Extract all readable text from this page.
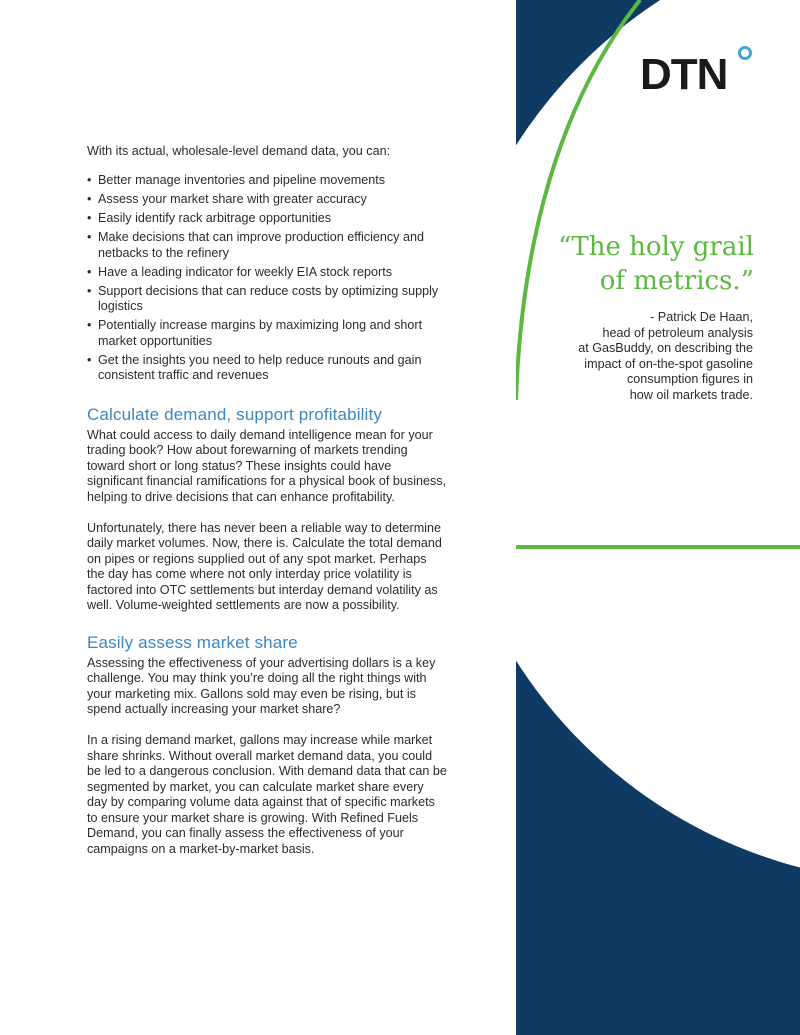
DTN

With its actual, wholesale-level demand data, you can:

• Better manage inventories and pipeline movements
• Assess your market share with greater accuracy
• Easily identify rack arbitrage opportunities
• Make decisions that can improve production efficiency and netbacks to the refinery
• Have a leading indicator for weekly EIA stock reports
• Support decisions that can reduce costs by optimizing supply logistics
• Potentially increase margins by maximizing long and short market opportunities
• Get the insights you need to help reduce runouts and gain consistent traffic and revenues
Calculate demand, support profitability

What could access to daily demand intelligence mean for your trading book? How about forewarning of markets trending toward short or long status? These insights could have significant financial ramifications for a physical book of business, helping to drive decisions that can enhance profitability.

Unfortunately, there has never been a reliable way to determine daily market volumes. Now, there is. Calculate the total demand on pipes or regions supplied out of any spot market. Perhaps the day has come where not only interday price volatility is factored into OTC settlements but interday demand volatility as well. Volume-weighted settlements are now a possibility.

Easily assess market share

Assessing the effectiveness of your advertising dollars is a key challenge. You may think you’re doing all the right things with your marketing mix. Gallons sold may even be rising, but is spend actually increasing your market share?

In a rising demand market, gallons may increase while market share shrinks. Without overall market demand data, you could be led to a dangerous conclusion. With demand data that can be segmented by market, you can calculate market share every day by comparing volume data against that of specific markets to ensure your market share is growing. With Refined Fuels Demand, you can finally assess the effectiveness of your campaigns on a market-by-market basis.

“The holy grail
of metrics.”
- Patrick De Haan,
head of petroleum analysis
at GasBuddy, on describing the
impact of on-the-spot gasoline
consumption figures in
how oil markets trade.
